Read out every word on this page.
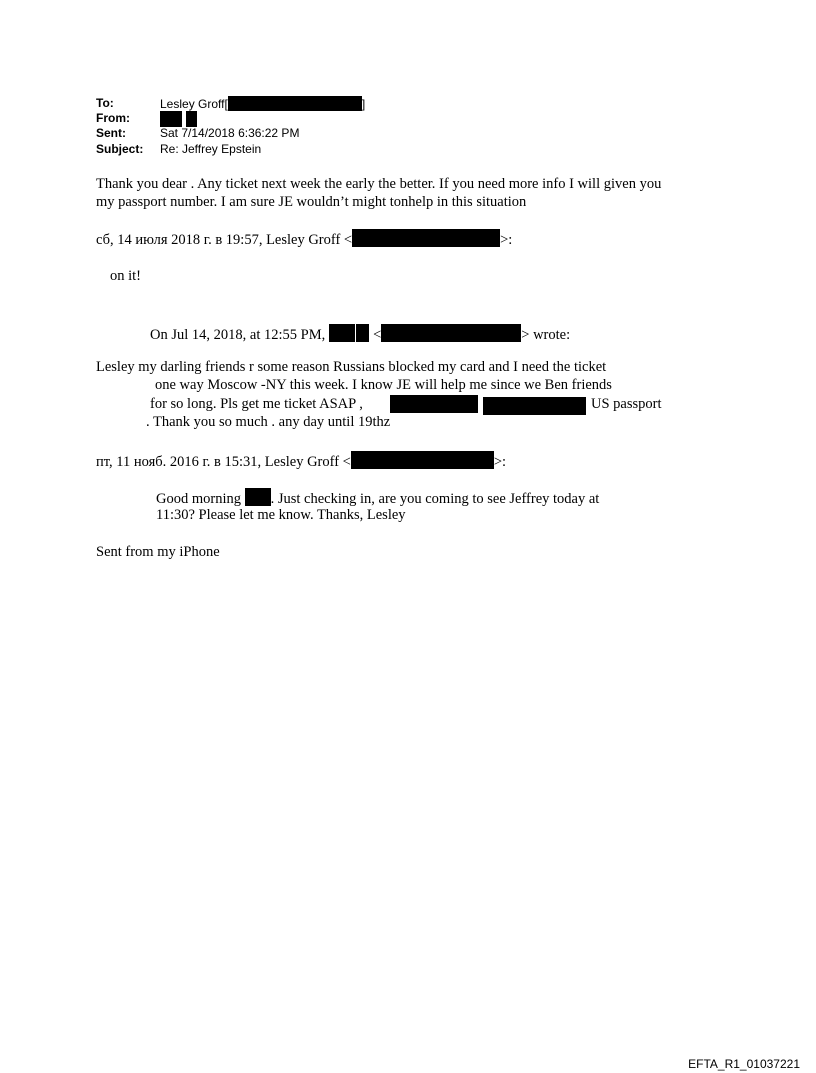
To:	Lesley Groff[	]
From:

Sent:	Sat 7/14/2018 6:36:22 PM
Subject: Re: Jeffrey Epstein
Thank you dear . Any ticket next week the early the better. If you need more info I will given you
my passport number. I am sure JE wouldn’t might tonhelp in this situation
сб, 14 июля 2018 г. в 19:57, Lesley Groff <	>:
on it!
On Jul 14, 2018, at 12:55 PM,	<	> wrote:
Lesley my darling friends r some reason Russians blocked my card and I need the ticket
one way Moscow -NY this week. I know JE will help me since we Ben friends
for so long. Pls get me ticket ASAP ,	US passport
. Thank you so much . any day until 19thz
пт, 11 нояб. 2016 г. в 15:31, Lesley Groff <	>:
Good morning . Just checking in, are you coming to see Jeffrey today at
11:30? Please let me know. Thanks, Lesley
Sent from my iPhone
EFTA_R1_01037221
